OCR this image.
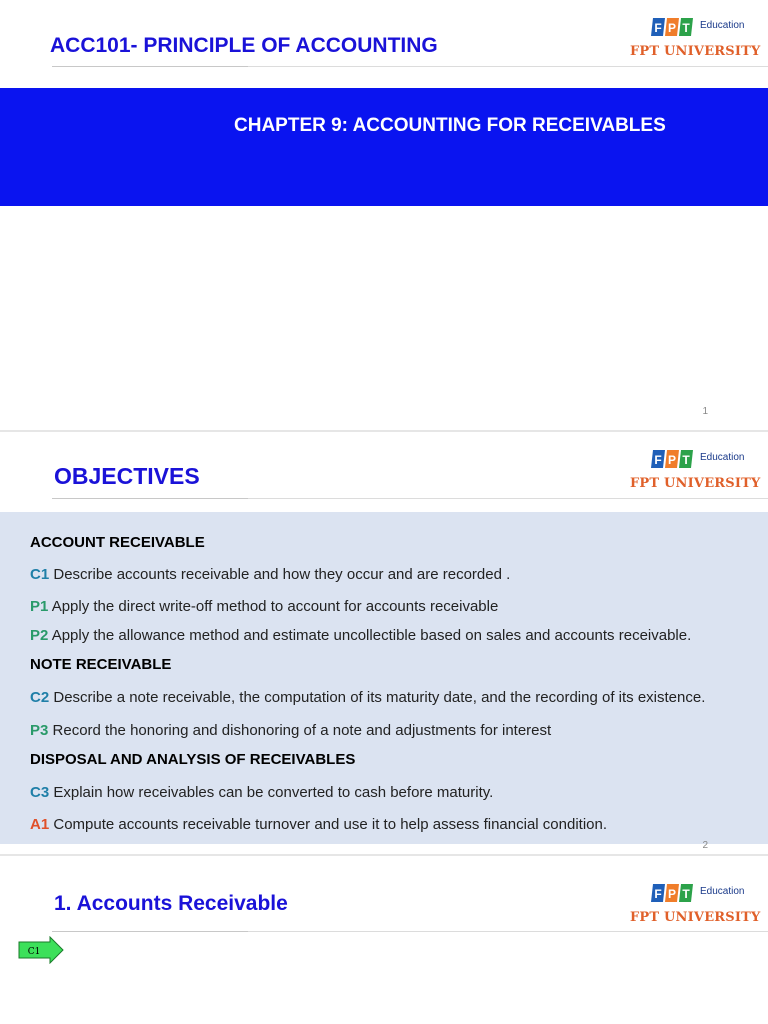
ACC101- PRINCIPLE OF ACCOUNTING
F P T Education
FPT UNIVERSITY
CHAPTER 9: ACCOUNTING FOR RECEIVABLES
1
OBJECTIVES
F P T Education
FPT UNIVERSITY
ACCOUNT RECEIVABLE
C1 Describe accounts receivable and how they occur and are recorded .
P1 Apply the direct write-off method to account for accounts receivable
P2 Apply the allowance method and estimate uncollectible based on sales and accounts receivable.
NOTE RECEIVABLE
C2 Describe a note receivable, the computation of its maturity date, and the recording of its existence.
P3 Record the honoring and dishonoring of a note and adjustments for interest
DISPOSAL AND ANALYSIS OF RECEIVABLES
C3 Explain how receivables can be converted to cash before maturity.
A1 Compute accounts receivable turnover and use it to help assess financial condition.
2
1. Accounts Receivable	F P T Education
FPT UNIVERSITY
C1
